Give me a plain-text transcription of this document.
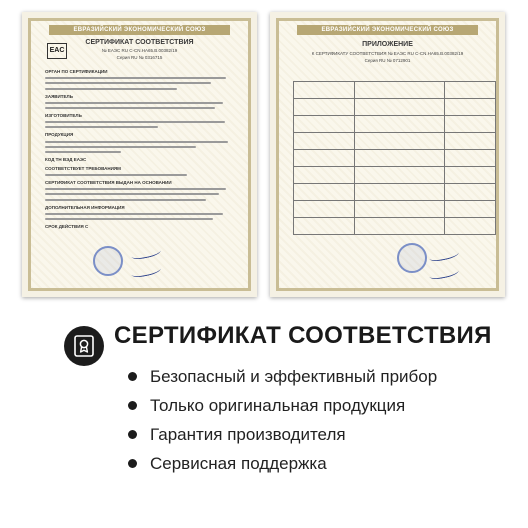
ЕВРАЗИЙСКИЙ ЭКОНОМИЧЕСКИЙ СОЮЗ
EAC
СЕРТИФИКАТ СООТВЕТСТВИЯ
№ ЕАЭС RU C-CN.НА65.В.00382/19
Серия RU № 0316715
ОРГАН ПО СЕРТИФИКАЦИИ
ЗАЯВИТЕЛЬ
ИЗГОТОВИТЕЛЬ
ПРОДУКЦИЯ
КОД ТН ВЭД ЕАЭС
СООТВЕТСТВУЕТ ТРЕБОВАНИЯМ
СЕРТИФИКАТ СООТВЕТСТВИЯ ВЫДАН НА ОСНОВАНИИ
ДОПОЛНИТЕЛЬНАЯ ИНФОРМАЦИЯ
СРОК ДЕЙСТВИЯ С
ЕВРАЗИЙСКИЙ ЭКОНОМИЧЕСКИЙ СОЮЗ
ПРИЛОЖЕНИЕ
К СЕРТИФИКАТУ СООТВЕТСТВИЯ № ЕАЭС RU C-CN.НА65.В.00382/19
Серия RU № 0712901

СЕРТИФИКАТ СООТВЕТСТВИЯ
Безопасный и эффективный прибор
Только оригинальная продукция
Гарантия производителя
Сервисная поддержка
